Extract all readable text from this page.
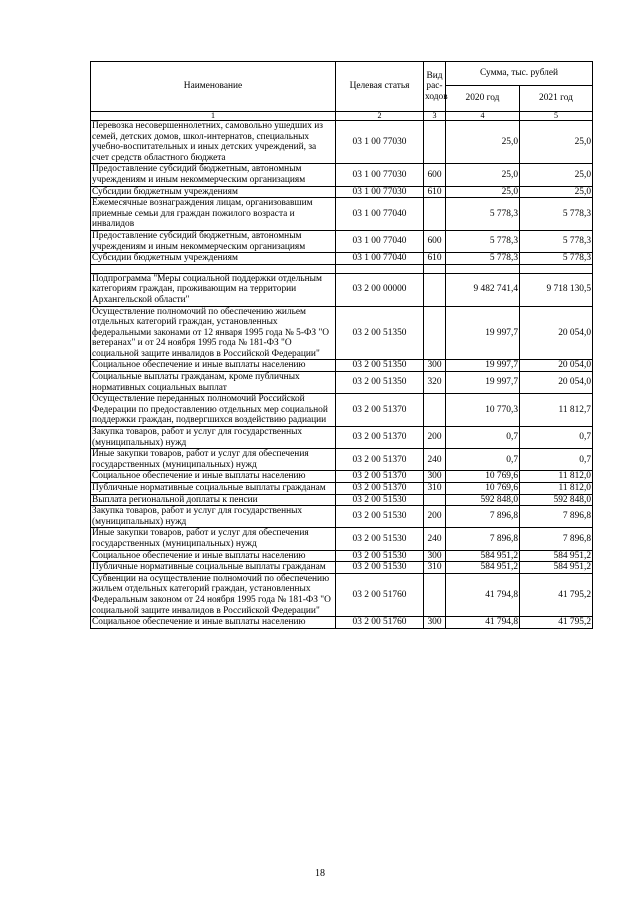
Наименование	Целевая статья	Вид рас-ходов	Сумма, тыс. рублей	
			2020 год	2021 год
1	2	3	4	5
Перевозка несовершеннолетних, самовольно ушедших из семей, детских домов, школ-интернатов, специальных учебно-воспитательных и иных детских учреждений, за счет средств областного бюджета	03 1 00 77030		25,0	25,0
Предоставление субсидий бюджетным, автономным учреждениям и иным некоммерческим организациям	03 1 00 77030	600	25,0	25,0
Субсидии бюджетным учреждениям	03 1 00 77030	610	25,0	25,0
Ежемесячные вознаграждения лицам, организовавшим приемные семьи для граждан пожилого возраста и инвалидов	03 1 00 77040		5 778,3	5 778,3
Предоставление субсидий бюджетным, автономным учреждениям и иным некоммерческим организациям	03 1 00 77040	600	5 778,3	5 778,3
Субсидии бюджетным учреждениям	03 1 00 77040	610	5 778,3	5 778,3

Подпрограмма "Меры социальной поддержки отдельным категориям граждан, проживающим на территории Архангельской области"	03 2 00 00000		9 482 741,4	9 718 130,5
Осуществление полномочий по обеспечению жильем отдельных категорий граждан, установленных федеральными законами от 12 января 1995 года № 5-ФЗ "О ветеранах" и от 24 ноября 1995 года № 181-ФЗ "О социальной защите инвалидов в Российской Федерации"	03 2 00 51350		19 997,7	20 054,0
Социальное обеспечение и иные выплаты населению	03 2 00 51350	300	19 997,7	20 054,0
Социальные выплаты гражданам, кроме публичных нормативных социальных выплат	03 2 00 51350	320	19 997,7	20 054,0
Осуществление переданных полномочий Российской Федерации по предоставлению отдельных мер социальной поддержки граждан, подвергшихся воздействию радиации	03 2 00 51370		10 770,3	11 812,7
Закупка товаров, работ и услуг для государственных (муниципальных) нужд	03 2 00 51370	200	0,7	0,7
Иные закупки товаров, работ и услуг для обеспечения государственных (муниципальных) нужд	03 2 00 51370	240	0,7	0,7
Социальное обеспечение и иные выплаты населению	03 2 00 51370	300	10 769,6	11 812,0
Публичные нормативные социальные выплаты гражданам	03 2 00 51370	310	10 769,6	11 812,0
Выплата региональной доплаты к пенсии	03 2 00 51530		592 848,0	592 848,0
Закупка товаров, работ и услуг для государственных (муниципальных) нужд	03 2 00 51530	200	7 896,8	7 896,8
Иные закупки товаров, работ и услуг для обеспечения государственных (муниципальных) нужд	03 2 00 51530	240	7 896,8	7 896,8
Социальное обеспечение и иные выплаты населению	03 2 00 51530	300	584 951,2	584 951,2
Публичные нормативные социальные выплаты гражданам	03 2 00 51530	310	584 951,2	584 951,2
Субвенции на осуществление полномочий по обеспечению жильем отдельных категорий граждан, установленных Федеральным законом от 24 ноября 1995 года № 181-ФЗ "О социальной защите инвалидов в Российской Федерации"	03 2 00 51760		41 794,8	41 795,2
Социальное обеспечение и иные выплаты населению	03 2 00 51760	300	41 794,8	41 795,2
18
